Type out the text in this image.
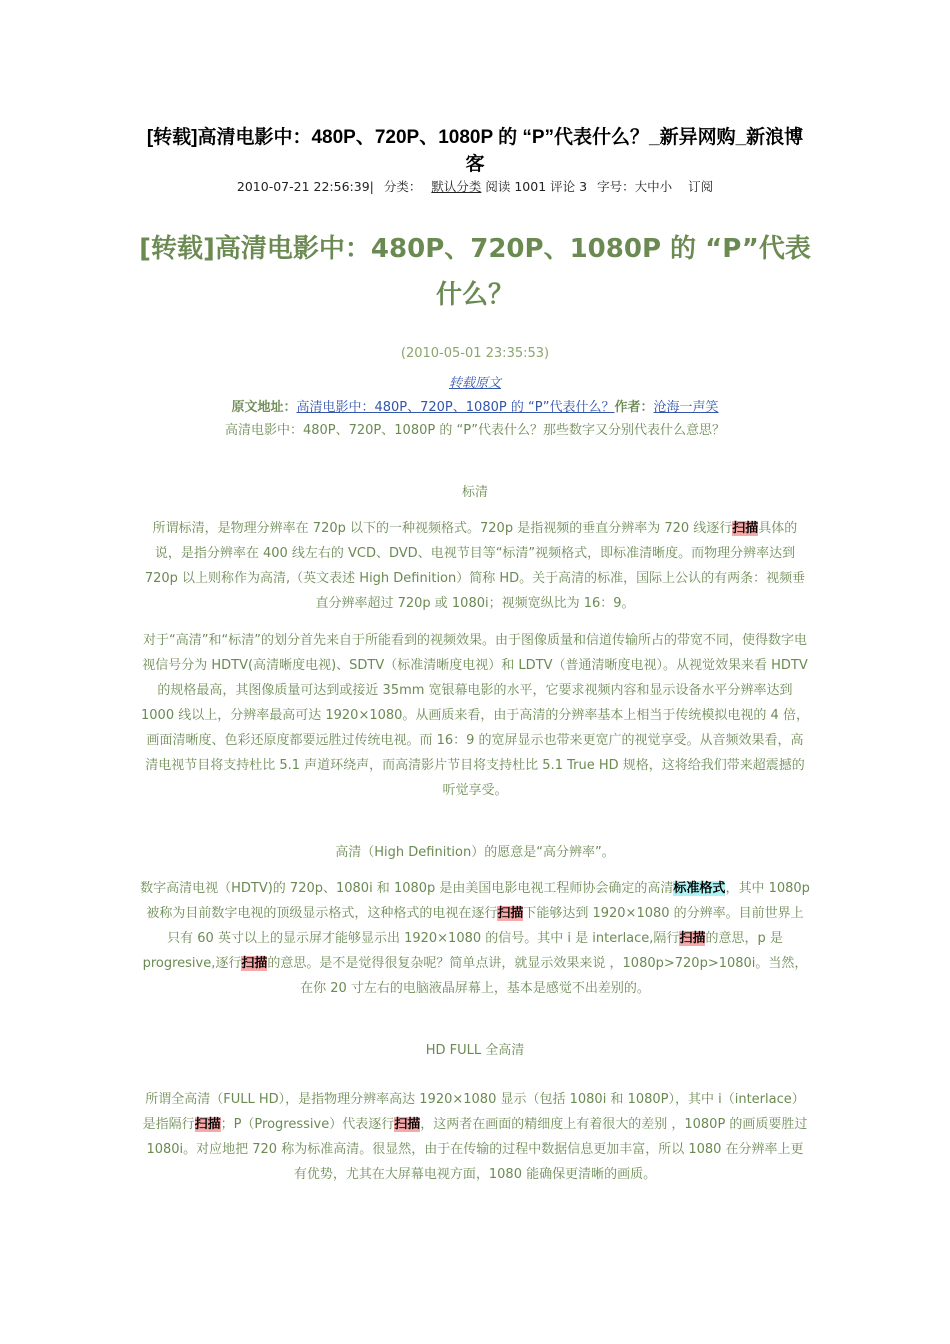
[转载]高清电影中：480P、720P、1080P 的 “P”代表什么？_新异网购_新浪博客
2010-07-21 22:56:39| 分类： 默认分类 阅读 1001 评论 3 字号：大中小 订阅
[转载]高清电影中：480P、720P、1080P 的 “P”代表什么？
(2010-05-01 23:35:53)
转载原文
原文地址：高清电影中：480P、720P、1080P 的 “P”代表什么？作者：沧海一声笑
高清电影中：480P、720P、1080P 的 “P”代表什么？那些数字又分别代表什么意思？
标清
所谓标清，是物理分辨率在 720p 以下的一种视频格式。720p 是指视频的垂直分辨率为 720 线逐行扫描具体的说，是指分辨率在 400 线左右的 VCD、DVD、电视节目等“标清”视频格式，即标准清晰度。而物理分辨率达到 720p 以上则称作为高清,（英文表述 High Definition）简称 HD。关于高清的标准，国际上公认的有两条：视频垂直分辨率超过 720p 或 1080i；视频宽纵比为 16：9。
对于“高清”和“标清”的划分首先来自于所能看到的视频效果。由于图像质量和信道传输所占的带宽不同，使得数字电视信号分为 HDTV(高清晰度电视)、SDTV（标准清晰度电视）和 LDTV（普通清晰度电视）。从视觉效果来看 HDTV 的规格最高，其图像质量可达到或接近 35mm 宽银幕电影的水平，它要求视频内容和显示设备水平分辨率达到 1000 线以上，分辨率最高可达 1920×1080。从画质来看，由于高清的分辨率基本上相当于传统模拟电视的 4 倍，画面清晰度、色彩还原度都要远胜过传统电视。而 16：9 的宽屏显示也带来更宽广的视觉享受。从音频效果看，高清电视节目将支持杜比 5.1 声道环绕声，而高清影片节目将支持杜比 5.1 True HD 规格，这将给我们带来超震撼的听觉享受。
高清（High Definition）的愿意是“高分辨率”。
数字高清电视（HDTV)的 720p、1080i 和 1080p 是由美国电影电视工程师协会确定的高清标准格式，其中 1080p 被称为目前数字电视的顶级显示格式，这种格式的电视在逐行扫描下能够达到 1920×1080 的分辨率。目前世界上只有 60 英寸以上的显示屏才能够显示出 1920×1080 的信号。其中 i 是 interlace,隔行扫描的意思，p 是 progresive,逐行扫描的意思。是不是觉得很复杂呢？简单点讲，就显示效果来说 ，1080p>720p>1080i。当然，在你 20 寸左右的电脑液晶屏幕上，基本是感觉不出差别的。
HD FULL 全高清
所谓全高清（FULL HD），是指物理分辨率高达 1920×1080 显示（包括 1080i 和 1080P），其中 i（interlace）是指隔行扫描；P（Progressive）代表逐行扫描，这两者在画面的精细度上有着很大的差别 ，1080P 的画质要胜过 1080i。对应地把 720 称为标准高清。很显然，由于在传输的过程中数据信息更加丰富，所以 1080 在分辨率上更有优势，尤其在大屏幕电视方面，1080 能确保更清晰的画质。
